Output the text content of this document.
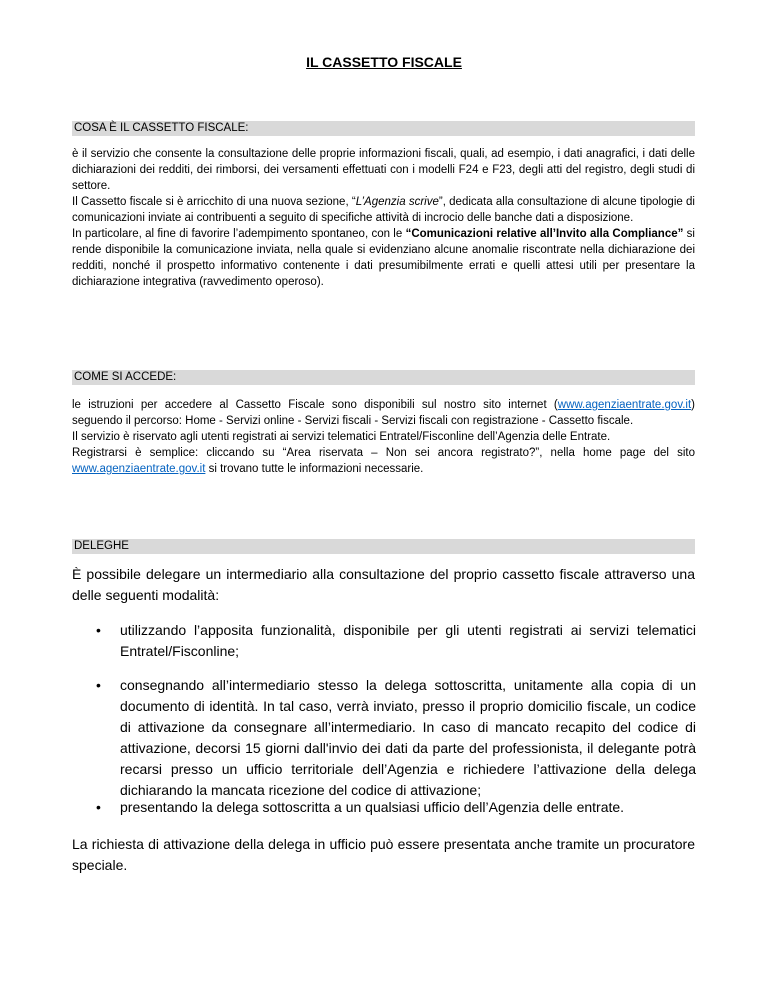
IL CASSETTO FISCALE
COSA È IL CASSETTO FISCALE:

è il servizio che consente la consultazione delle proprie informazioni fiscali, quali, ad esempio, i dati anagrafici, i dati delle dichiarazioni dei redditi, dei rimborsi, dei versamenti effettuati con i modelli F24 e F23, degli atti del registro, degli studi di settore.

Il Cassetto fiscale si è arricchito di una nuova sezione, “L’Agenzia scrive”, dedicata alla consultazione di alcune tipologie di comunicazioni inviate ai contribuenti a seguito di specifiche attività di incrocio delle banche dati a disposizione.

In particolare, al fine di favorire l’adempimento spontaneo, con le “Comunicazioni relative all’Invito alla Compliance” si rende disponibile la comunicazione inviata, nella quale si evidenziano alcune anomalie riscontrate nella dichiarazione dei redditi, nonché il prospetto informativo contenente i dati presumibilmente errati e quelli attesi utili per presentare la dichiarazione integrativa (ravvedimento operoso).

COME SI ACCEDE:

le istruzioni per accedere al Cassetto Fiscale sono disponibili sul nostro sito internet (www.agenziaentrate.gov.it) seguendo il percorso: Home - Servizi online - Servizi fiscali - Servizi fiscali con registrazione - Cassetto fiscale.

Il servizio è riservato agli utenti registrati ai servizi telematici Entratel/Fisconline dell’Agenzia delle Entrate.

Registrarsi è semplice: cliccando su “Area riservata – Non sei ancora registrato?”, nella home page del sito www.agenziaentrate.gov.it si trovano tutte le informazioni necessarie.

DELEGHE
È possibile delegare un intermediario alla consultazione del proprio cassetto fiscale attraverso una delle seguenti modalità:
• utilizzando l’apposita funzionalità, disponibile per gli utenti registrati ai servizi telematici Entratel/Fisconline;
• consegnando all’intermediario stesso la delega sottoscritta, unitamente alla copia di un documento di identità. In tal caso, verrà inviato, presso il proprio domicilio fiscale, un codice di attivazione da consegnare all’intermediario. In caso di mancato recapito del codice di attivazione, decorsi 15 giorni dall'invio dei dati da parte del professionista, il delegante potrà recarsi presso un ufficio territoriale dell’Agenzia e richiedere l’attivazione della delega dichiarando la mancata ricezione del codice di attivazione;
• presentando la delega sottoscritta a un qualsiasi ufficio dell’Agenzia delle entrate.
La richiesta di attivazione della delega in ufficio può essere presentata anche tramite un procuratore speciale.
